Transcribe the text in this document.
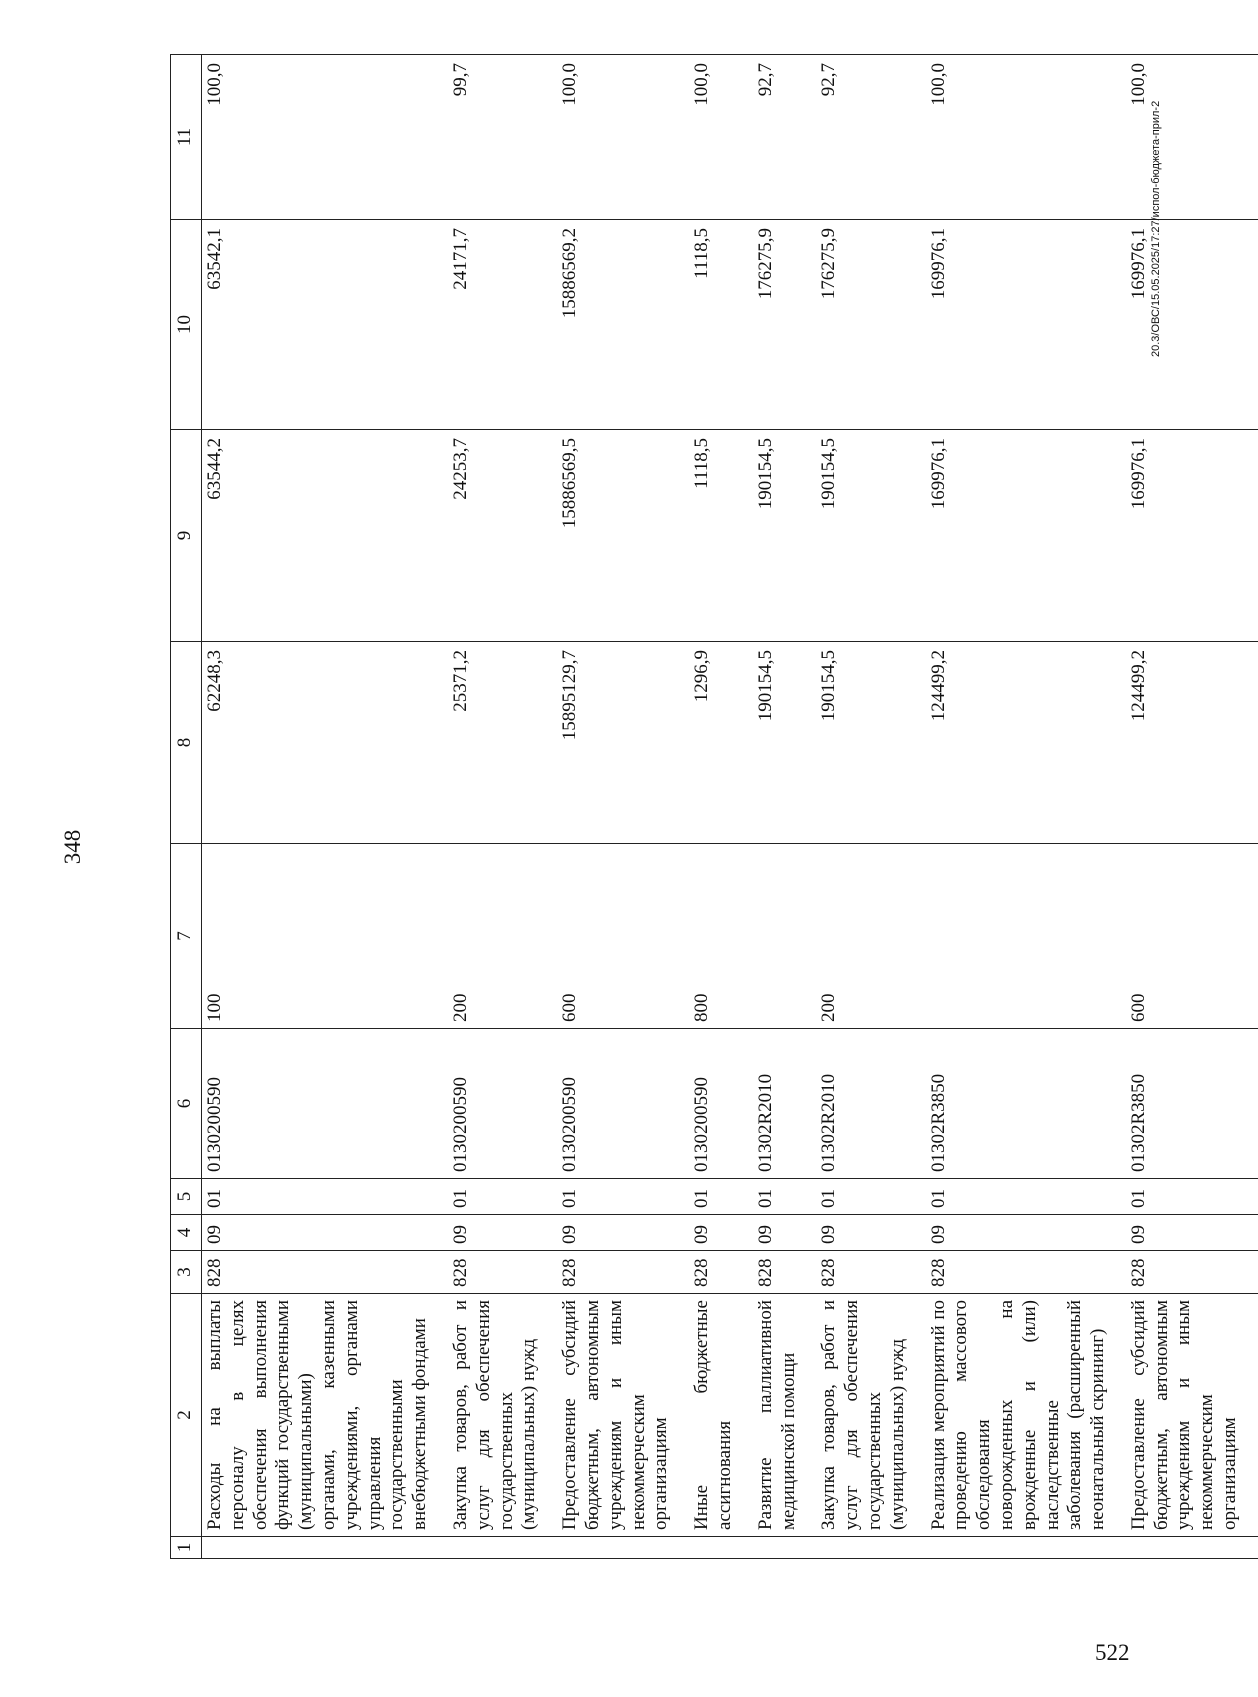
348
1	2	3	4	5	6	7	8	9	10	11
	Расходы на выплаты персоналу в целях обеспечения выполнения функций государственными (муниципальными) органами, казенными учреждениями, органами управления государственными внебюджетными фондами	828	09	01	0130200590	100	62248,3	63544,2	63542,1	100,0
	Закупка товаров, работ и услуг для обеспечения государственных (муниципальных) нужд	828	09	01	0130200590	200	25371,2	24253,7	24171,7	99,7
	Предоставление субсидий бюджетным, автономным учреждениям и иным некоммерческим организациям	828	09	01	0130200590	600	15895129,7	15886569,5	15886569,2	100,0
	Иные бюджетные ассигнования	828	09	01	0130200590	800	1296,9	1118,5	1118,5	100,0
	Развитие паллиативной медицинской помощи	828	09	01	01302R2010		190154,5	190154,5	176275,9	92,7
	Закупка товаров, работ и услуг для обеспечения государственных (муниципальных) нужд	828	09	01	01302R2010	200	190154,5	190154,5	176275,9	92,7
	Реализация мероприятий по проведению массового обследования новорожденных на врожденные и (или) наследственные заболевания (расширенный неонатальный скрининг)	828	09	01	01302R3850		124499,2	169976,1	169976,1	100,0
	Предоставление субсидий бюджетным, автономным учреждениям и иным некоммерческим организациям	828	09	01	01302R3850	600	124499,2	169976,1	169976,1	100,0
20.3/ОВС/15.05.2025/17:27/испол-бюджета-прил-2
522
